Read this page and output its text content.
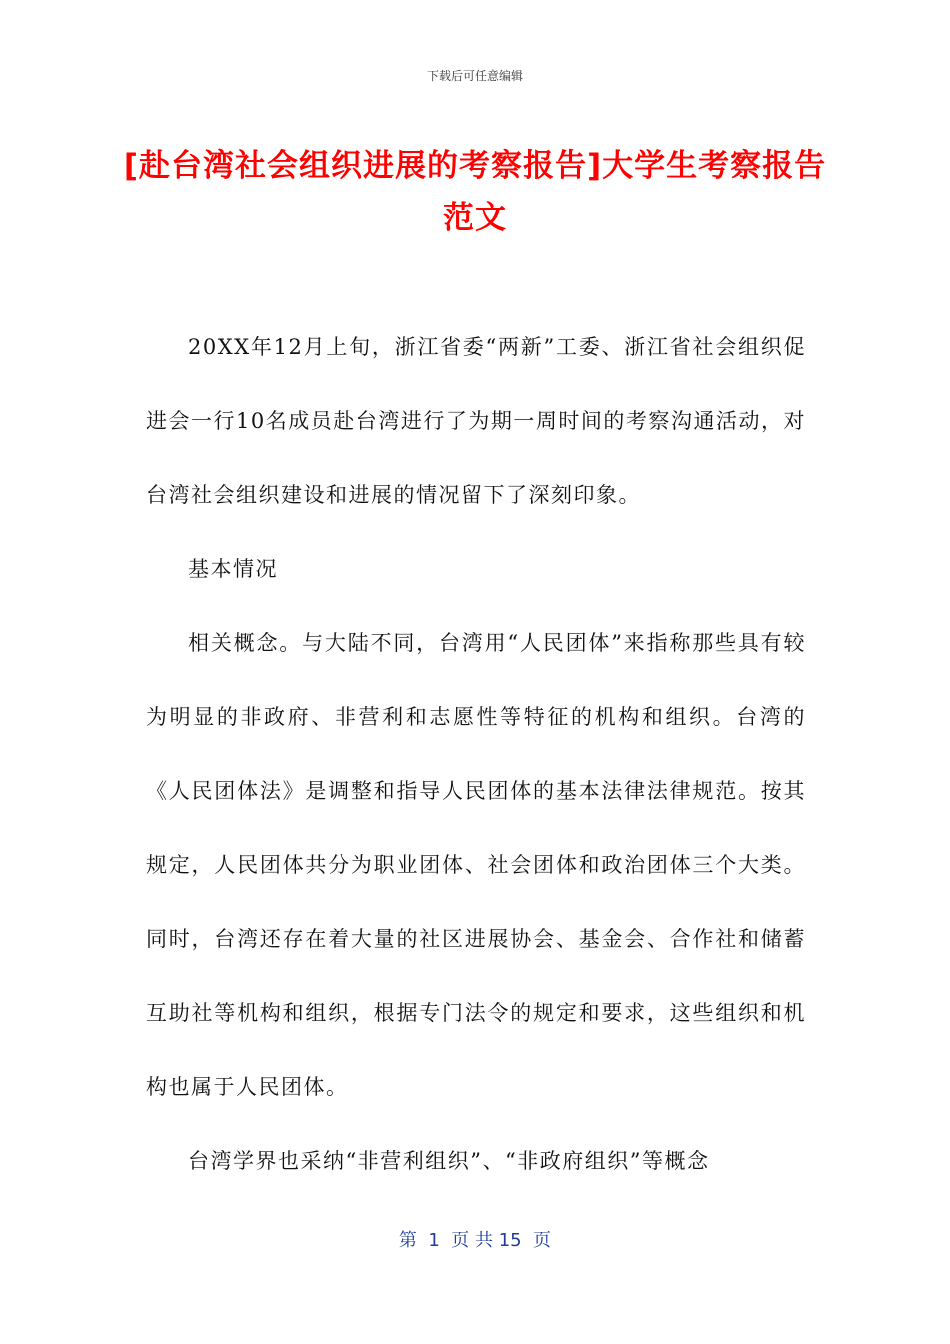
下载后可任意编辑
[赴台湾社会组织进展的考察报告]大学生考察报告范文

20XX年12月上旬，浙江省委“两新”工委、浙江省社会组织促进会一行10名成员赴台湾进行了为期一周时间的考察沟通活动，对台湾社会组织建设和进展的情况留下了深刻印象。

基本情况

相关概念。与大陆不同，台湾用“人民团体”来指称那些具有较为明显的非政府、非营利和志愿性等特征的机构和组织。台湾的《人民团体法》是调整和指导人民团体的基本法律法律规范。按其规定，人民团体共分为职业团体、社会团体和政治团体三个大类。同时，台湾还存在着大量的社区进展协会、基金会、合作社和储蓄互助社等机构和组织，根据专门法令的规定和要求，这些组织和机构也属于人民团体。

台湾学界也采纳“非营利组织”、“非政府组织”等概念

第  1  页 共 15  页
